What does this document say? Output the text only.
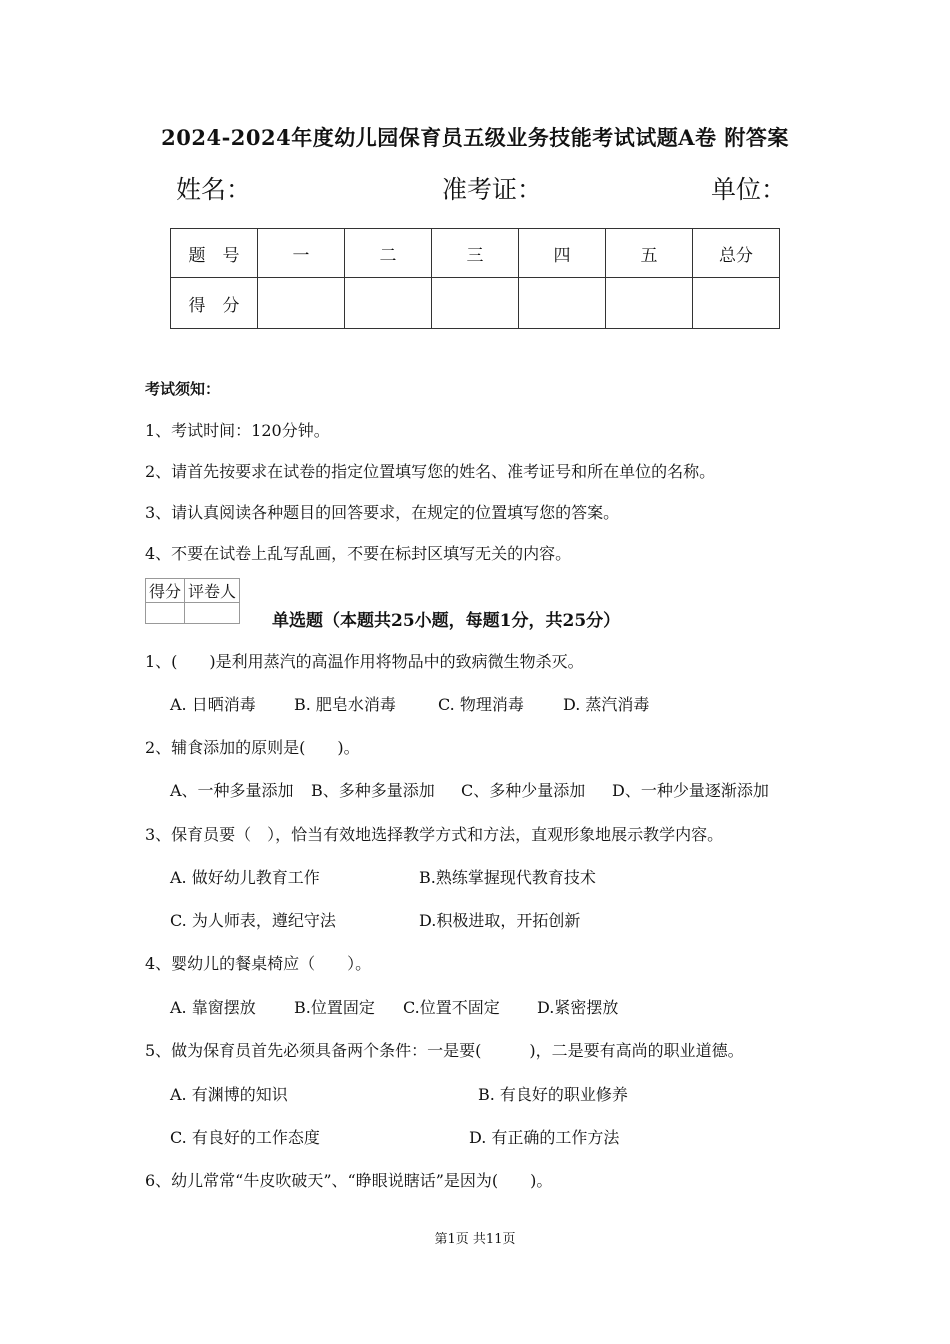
2024-2024年度幼儿园保育员五级业务技能考试试题A卷 附答案
姓名：	准考证：	单位：
题　号	一	二	三	四	五	总分
得　分						
考试须知：
1、考试时间：120分钟。
2、请首先按要求在试卷的指定位置填写您的姓名、准考证号和所在单位的名称。
3、请认真阅读各种题目的回答要求，在规定的位置填写您的答案。
4、不要在试卷上乱写乱画，不要在标封区填写无关的内容。
得分	评卷人

单选题（本题共25小题，每题1分，共25分）
1、(　　)是利用蒸汽的高温作用将物品中的致病微生物杀灭。
A. 日晒消毒 B. 肥皂水消毒	C. 物理消毒 D. 蒸汽消毒
2、辅食添加的原则是(　　)。
A、一种多量添加 B、多种多量添加 C、多种少量添加 D、一种少量逐渐添加
3、保育员要（　），恰当有效地选择教学方式和方法，直观形象地展示教学内容。
A. 做好幼儿教育工作	B.熟练掌握现代教育技术
C. 为人师表，遵纪守法	D.积极进取，开拓创新
4、婴幼儿的餐桌椅应（　　）。
A. 靠窗摆放 B.位置固定 C.位置不固定 D.紧密摆放
5、做为保育员首先必须具备两个条件：一是要(　　　)，二是要有高尚的职业道德。
A. 有渊博的知识	B. 有良好的职业修养
C. 有良好的工作态度	D. 有正确的工作方法
6、幼儿常常“牛皮吹破天”、“睁眼说瞎话”是因为(　　)。
第1页 共11页
